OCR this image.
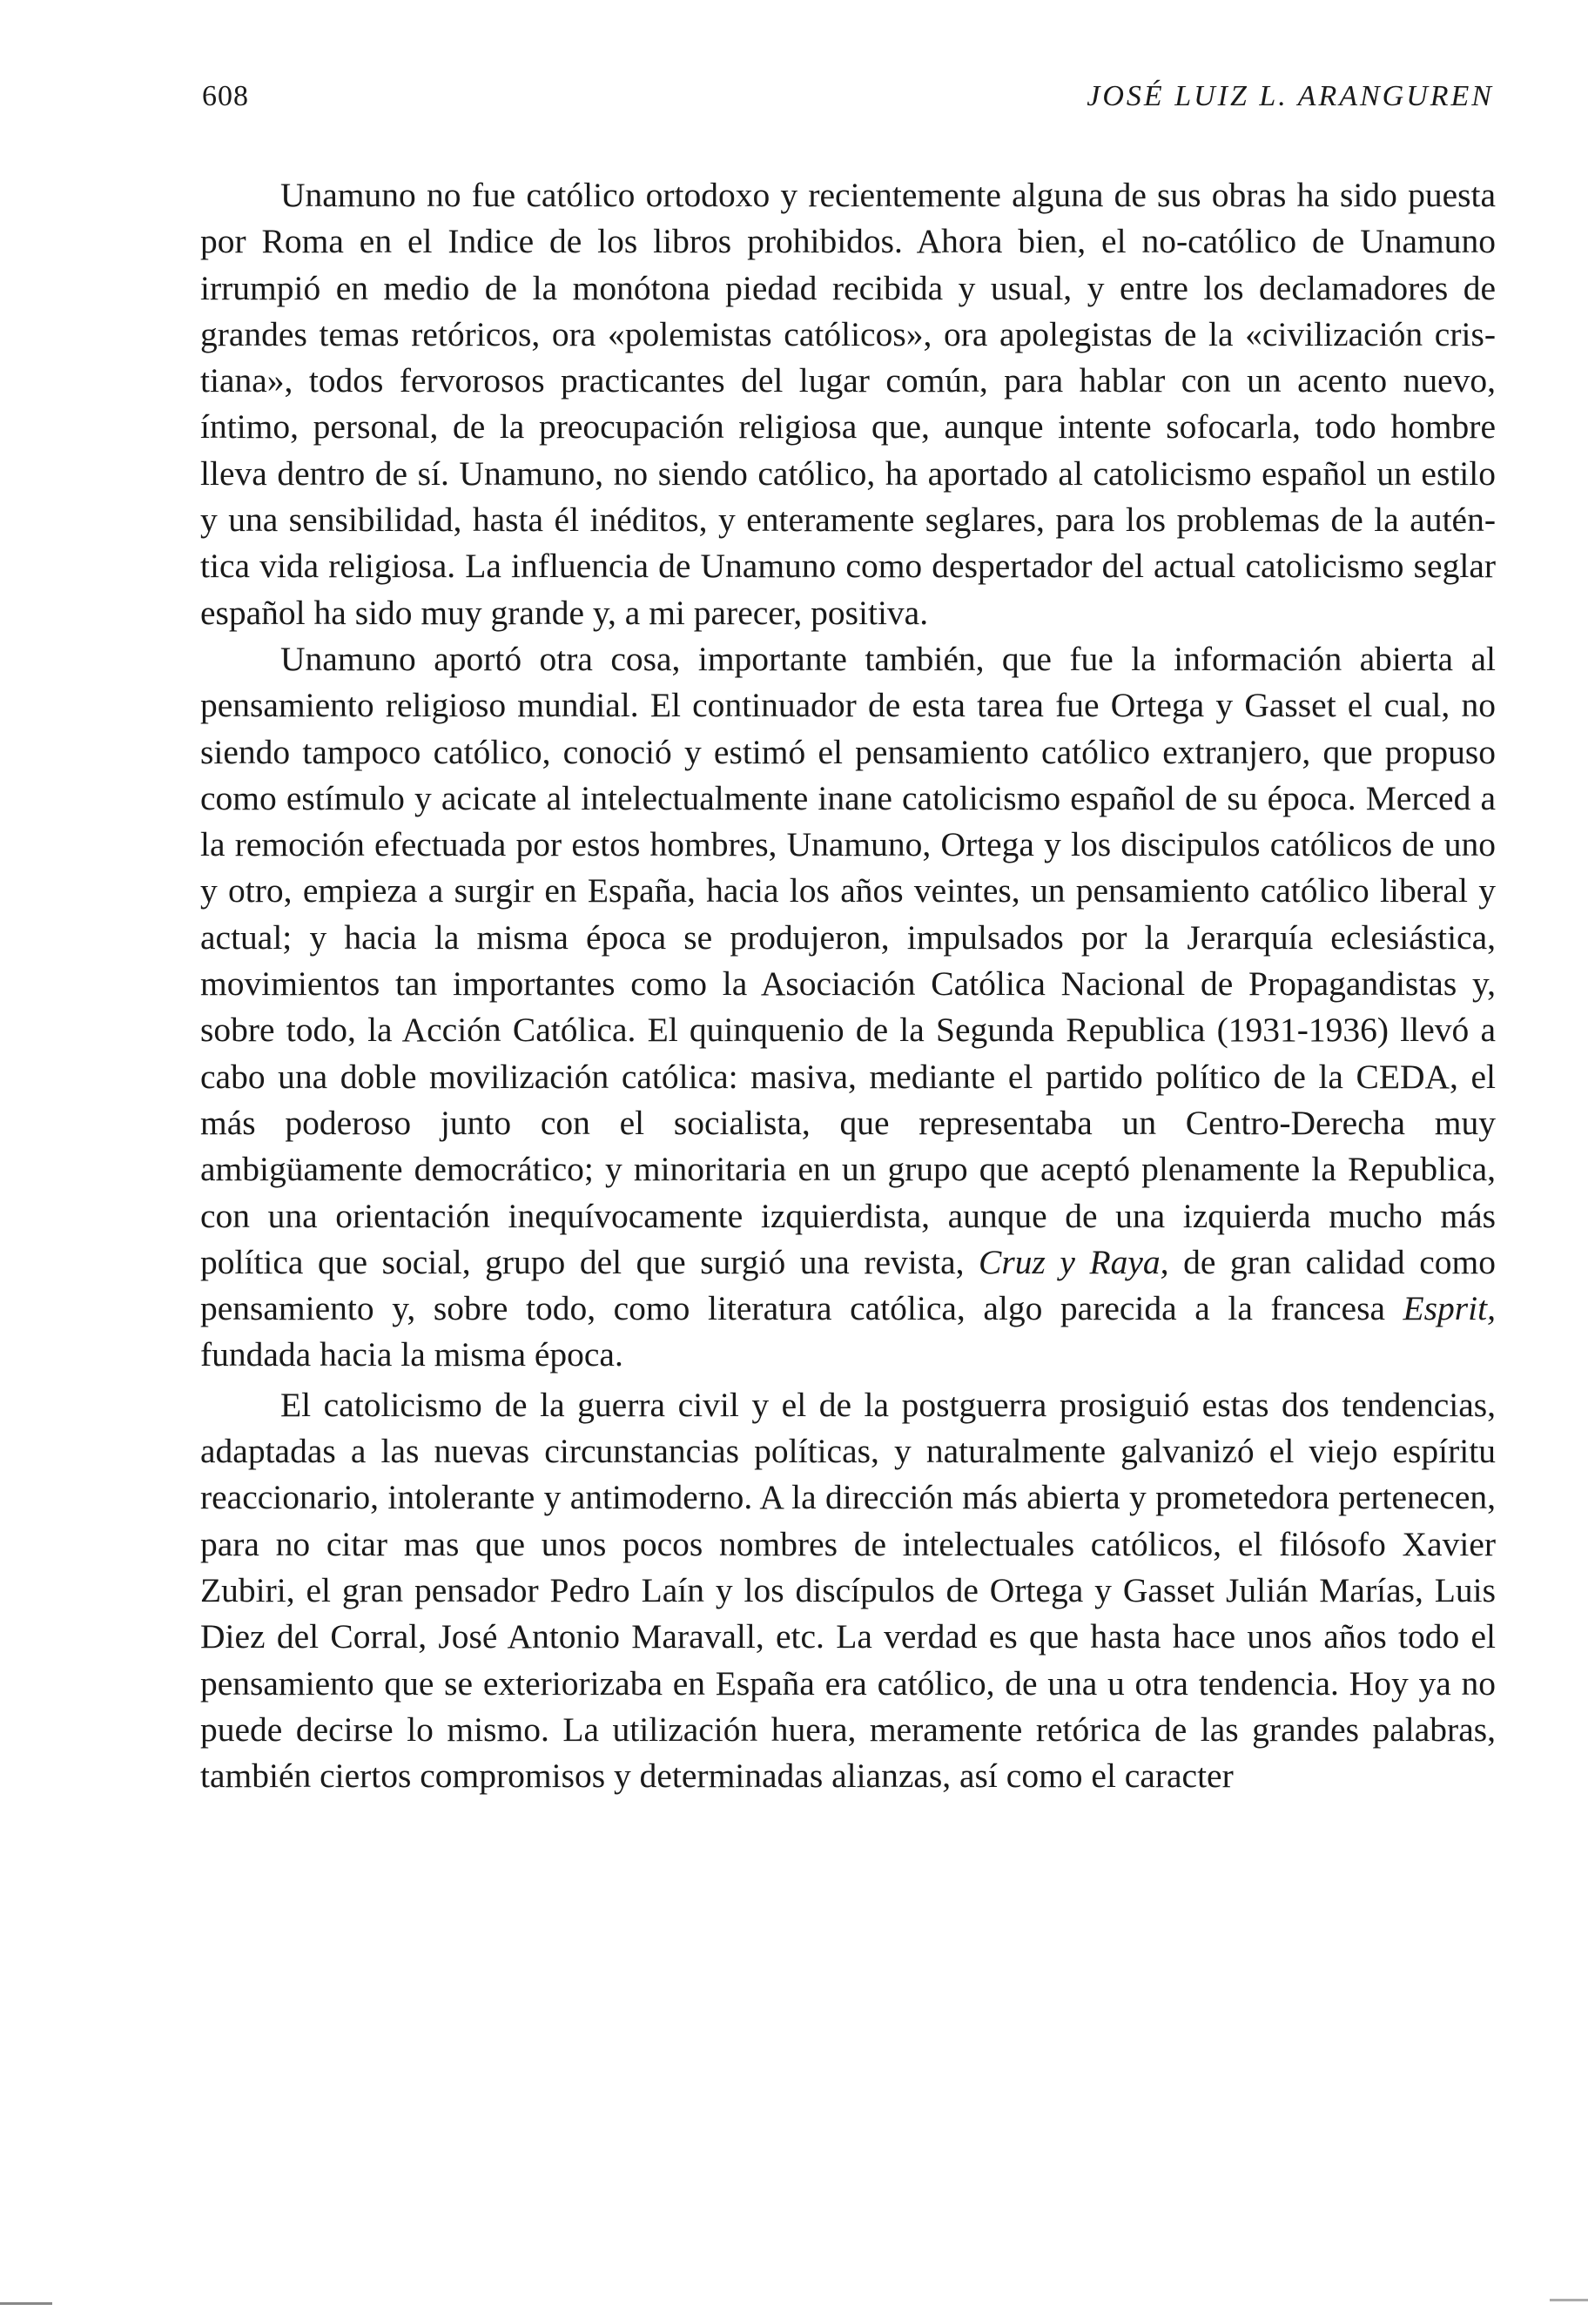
608	JOSÉ LUIZ L. ARANGUREN

Unamuno no fue católico ortodoxo y recientemente alguna de sus obras ha sido puesta por Roma en el Indice de los libros prohibidos. Ahora bien, el no-católico de Unamuno irrumpió en medio de la monótona piedad recibida y usual, y entre los declamadores de grandes temas retóricos, ora «polemistas católicos», ora apolegistas de la «civilización cristiana», todos fervorosos practicantes del lugar común, para hablar con un acento nuevo, íntimo, personal, de la preocupación religiosa que, aunque intente sofocarla, todo hombre lleva dentro de sí. Unamuno, no siendo católico, ha aportado al catolicismo español un estilo y una sensibilidad, hasta él inéditos, y enteramente seglares, para los problemas de la auténtica vida religiosa. La influencia de Unamuno como despertador del actual catolicismo seglar español ha sido muy grande y, a mi parecer, positiva.

Unamuno aportó otra cosa, importante también, que fue la información abierta al pensamiento religioso mundial. El continuador de esta tarea fue Ortega y Gasset el cual, no siendo tampoco católico, conoció y estimó el pensamiento católico extranjero, que propuso como estímulo y acicate al intelectualmente inane catolicismo español de su época. Merced a la remoción efectuada por estos hombres, Unamuno, Ortega y los discipulos católicos de uno y otro, empieza a surgir en España, hacia los años veintes, un pensamiento católico liberal y actual; y hacia la misma época se produjeron, impulsados por la Jerarquía eclesiástica, movimientos tan importantes como la Asociación Católica Nacional de Propagandistas y, sobre todo, la Acción Católica. El quinquenio de la Segunda Republica (1931-1936) llevó a cabo una doble movilización católica: masiva, mediante el partido político de la CEDA, el más poderoso junto con el socialista, que representaba un Centro-Derecha muy ambigüamente democrático; y minoritaria en un grupo que aceptó plenamente la Republica, con una orientación inequívocamente izquierdista, aunque de una izquierda mucho más política que social, grupo del que surgió una revista, Cruz y Raya, de gran calidad como pensamiento y, sobre todo, como literatura católica, algo parecida a la francesa Esprit, fundada hacia la misma época.

El catolicismo de la guerra civil y el de la postguerra prosiguió estas dos tendencias, adaptadas a las nuevas circunstancias políticas, y naturalmente galvanizó el viejo espíritu reaccionario, intolerante y antimoderno. A la dirección más abierta y prometedora pertenecen, para no citar mas que unos pocos nombres de intelectuales católicos, el filósofo Xavier Zubiri, el gran pensador Pedro Laín y los discípulos de Ortega y Gasset Julián Marías, Luis Diez del Corral, José Antonio Maravall, etc. La verdad es que hasta hace unos años todo el pensamiento que se exteriorizaba en España era católico, de una u otra tendencia. Hoy ya no puede decirse lo mismo. La utilización huera, meramente retórica de las grandes palabras, también ciertos compromisos y determinadas alianzas, así como el caracter
